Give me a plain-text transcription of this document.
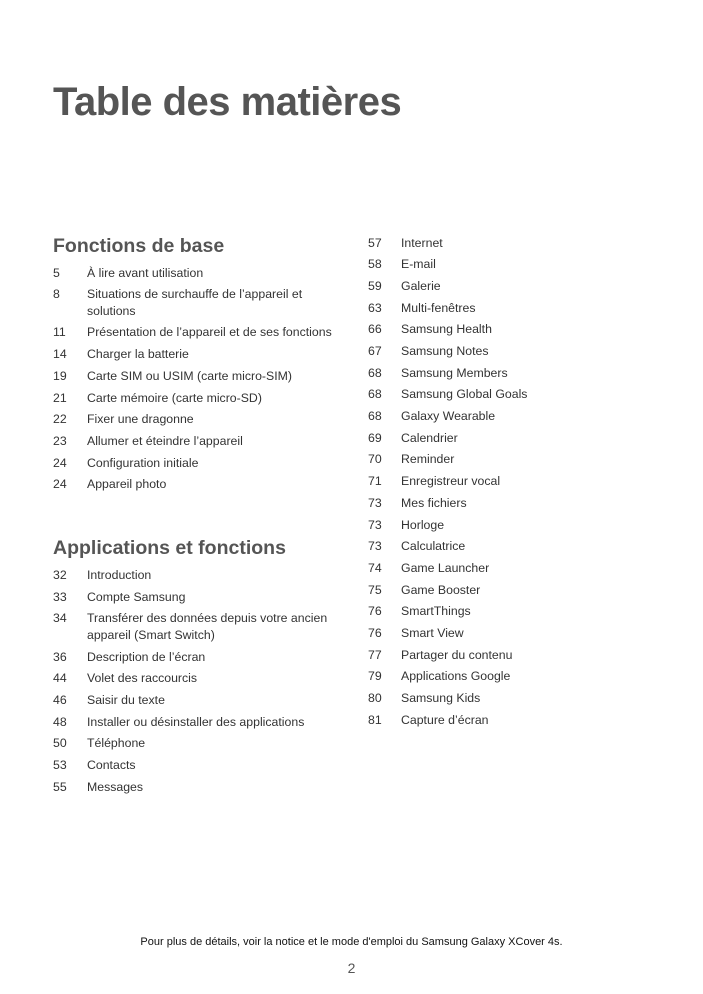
Table des matières
Fonctions de base
5	À lire avant utilisation
8	Situations de surchauffe de l’appareil et solutions
11	Présentation de l’appareil et de ses fonctions
14	Charger la batterie
19	Carte SIM ou USIM (carte micro-SIM)
21	Carte mémoire (carte micro-SD)
22	Fixer une dragonne
23	Allumer et éteindre l’appareil
24	Configuration initiale
24	Appareil photo
Applications et fonctions
32	Introduction
33	Compte Samsung
34	Transférer des données depuis votre ancien appareil (Smart Switch)
36	Description de l’écran
44	Volet des raccourcis
46	Saisir du texte
48	Installer ou désinstaller des applications
50	Téléphone
53	Contacts
55	Messages
57	Internet
58	E-mail
59	Galerie
63	Multi-fenêtres
66	Samsung Health
67	Samsung Notes
68	Samsung Members
68	Samsung Global Goals
68	Galaxy Wearable
69	Calendrier
70	Reminder
71	Enregistreur vocal
73	Mes fichiers
73	Horloge
73	Calculatrice
74	Game Launcher
75	Game Booster
76	SmartThings
76	Smart View
77	Partager du contenu
79	Applications Google
80	Samsung Kids
81	Capture d’écran
Pour plus de détails, voir la notice et le mode d'emploi du Samsung Galaxy XCover 4s.
2
